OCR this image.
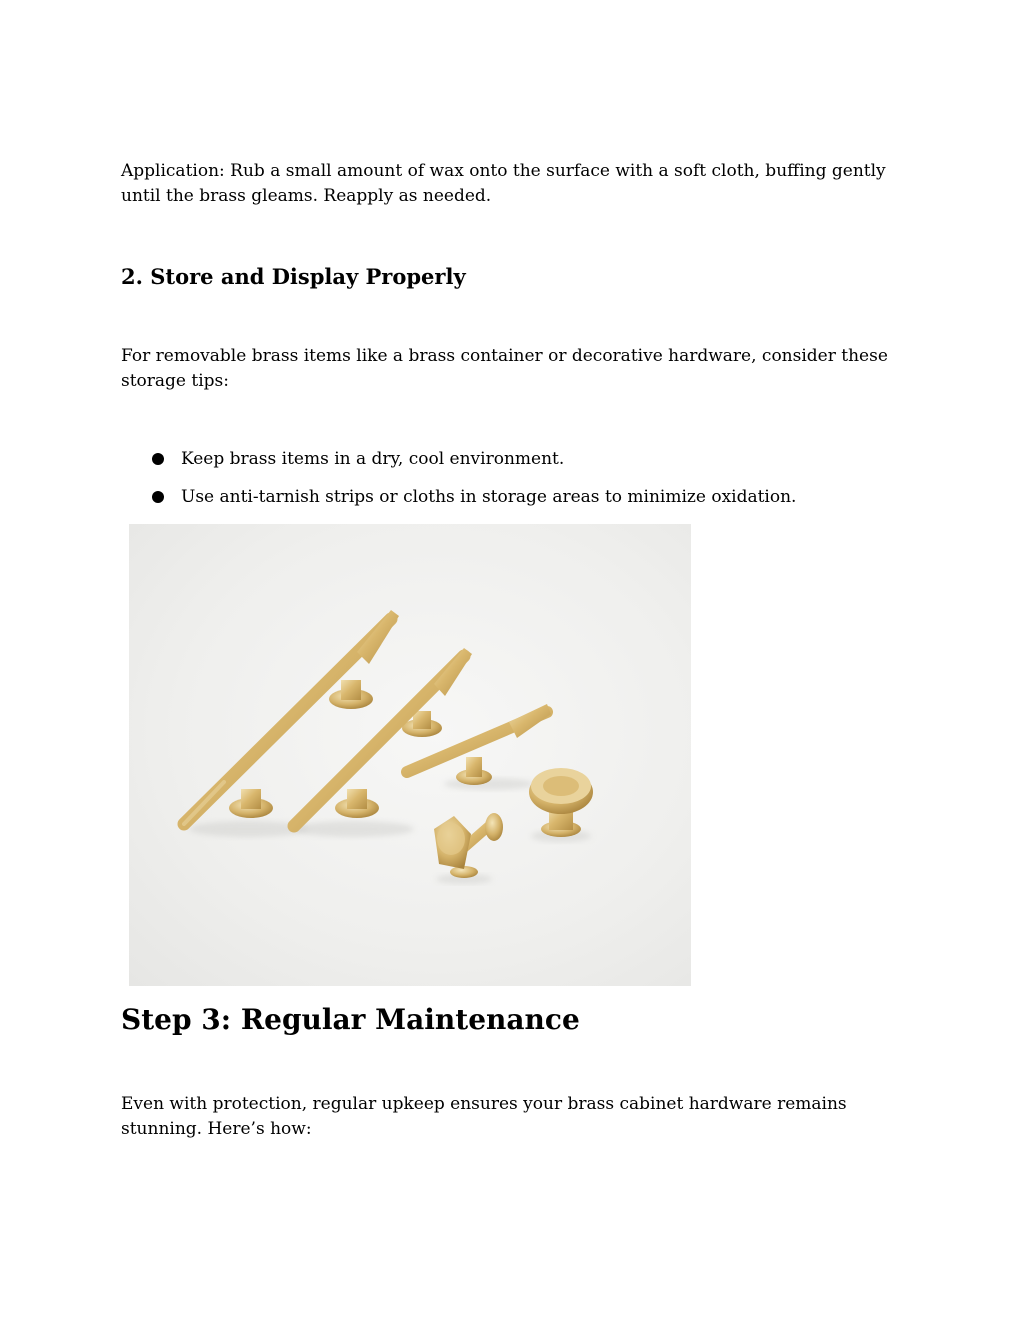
Application: Rub a small amount of wax onto the surface with a soft cloth, buffing gently until the brass gleams. Reapply as needed.

2. Store and Display Properly

For removable brass items like a brass container or decorative hardware, consider these storage tips:

Keep brass items in a dry, cool environment.
Use anti-tarnish strips or cloths in storage areas to minimize oxidation.
Step 3: Regular Maintenance

Even with protection, regular upkeep ensures your brass cabinet hardware remains stunning. Here’s how:
